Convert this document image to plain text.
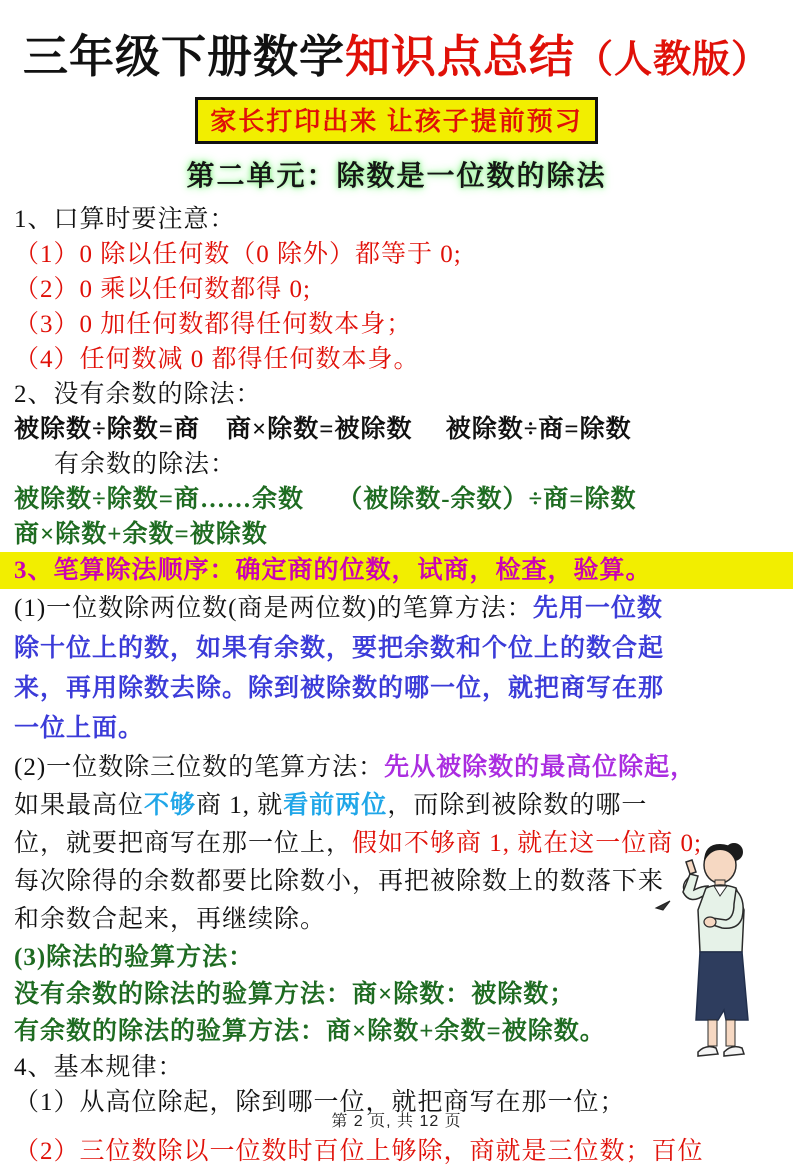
三年级下册数学知识点总结（人教版）
家长打印出来 让孩子提前预习
第二单元：除数是一位数的除法
1、口算时要注意：
（1）0 除以任何数（0 除外）都等于 0;
（2）0 乘以任何数都得 0;
（3）0 加任何数都得任何数本身；
（4）任何数减 0 都得任何数本身。
2、没有余数的除法：
被除数÷除数=商　商×除数=被除数　 被除数÷商=除数
有余数的除法：
被除数÷除数=商……余数　 （被除数-余数）÷商=除数
商×除数+余数=被除数
3、笔算除法顺序：确定商的位数，试商，检查，验算。
(1)一位数除两位数(商是两位数)的笔算方法：先用一位数
除十位上的数，如果有余数，要把余数和个位上的数合起
来，再用除数去除。除到被除数的哪一位，就把商写在那
一位上面。
(2)一位数除三位数的笔算方法：先从被除数的最高位除起，
如果最高位不够商 1, 就看前两位，而除到被除数的哪一
位，就要把商写在那一位上，假如不够商 1, 就在这一位商 0;
每次除得的余数都要比除数小，再把被除数上的数落下来
和余数合起来，再继续除。
(3)除法的验算方法：
没有余数的除法的验算方法：商×除数：被除数；
有余数的除法的验算方法：商×除数+余数=被除数。
4、基本规律：
（1）从高位除起，除到哪一位，就把商写在那一位；
（2）三位数除以一位数时百位上够除，商就是三位数；百位
第 2 页, 共 12 页
